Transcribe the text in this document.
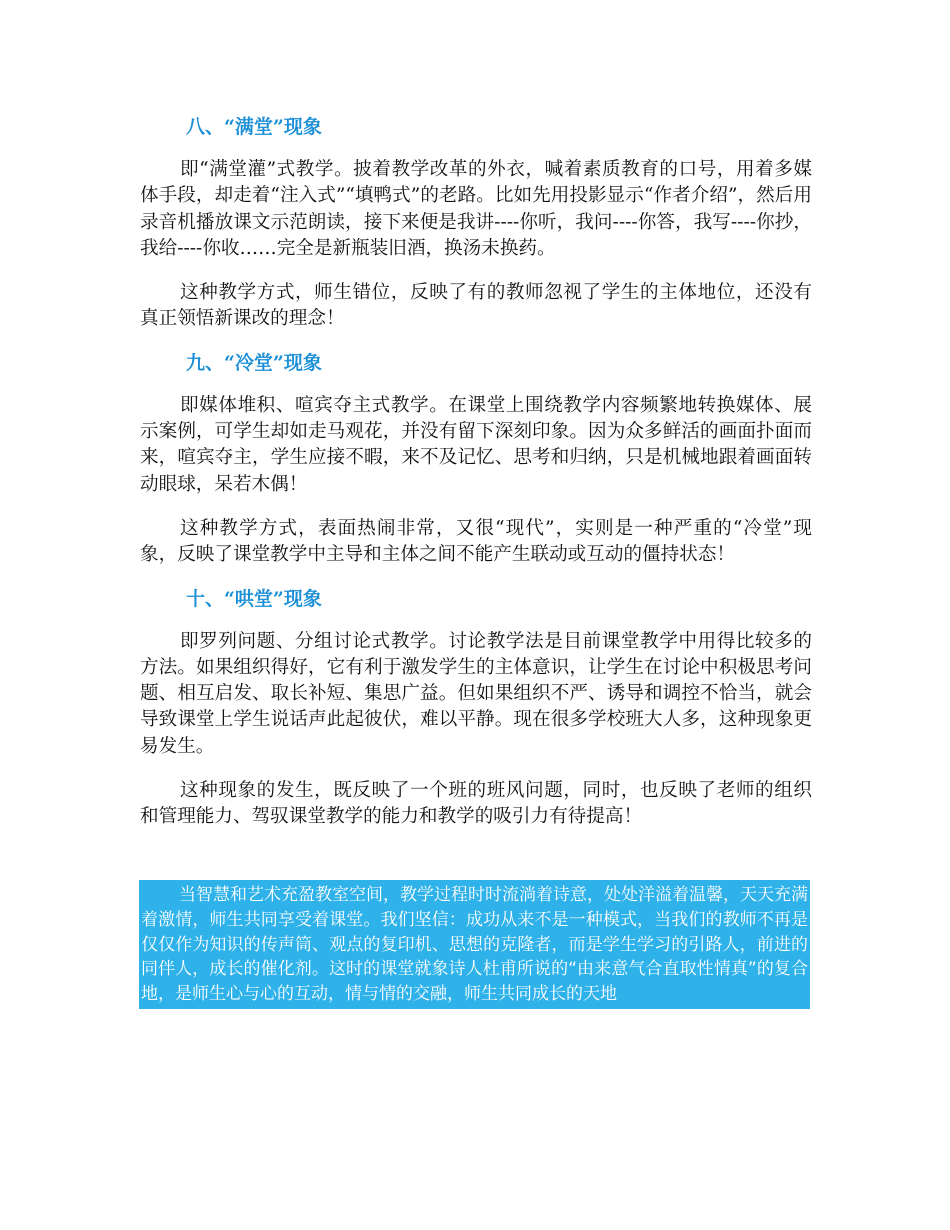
八、“满堂”现象

即“满堂灌”式教学。披着教学改革的外衣，喊着素质教育的口号，用着多媒体手段，却走着“注入式”“填鸭式”的老路。比如先用投影显示“作者介绍”，然后用录音机播放课文示范朗读，接下来便是我讲----你听，我问----你答，我写----你抄，我给----你收……完全是新瓶装旧酒，换汤未换药。

这种教学方式，师生错位，反映了有的教师忽视了学生的主体地位，还没有真正领悟新课改的理念！

九、“冷堂”现象

即媒体堆积、喧宾夺主式教学。在课堂上围绕教学内容频繁地转换媒体、展示案例，可学生却如走马观花，并没有留下深刻印象。因为众多鲜活的画面扑面而来，喧宾夺主，学生应接不暇，来不及记忆、思考和归纳，只是机械地跟着画面转动眼球，呆若木偶！

这种教学方式，表面热闹非常，又很“现代”，实则是一种严重的“冷堂”现象，反映了课堂教学中主导和主体之间不能产生联动或互动的僵持状态！

十、“哄堂”现象

即罗列问题、分组讨论式教学。讨论教学法是目前课堂教学中用得比较多的方法。如果组织得好，它有利于激发学生的主体意识，让学生在讨论中积极思考问题、相互启发、取长补短、集思广益。但如果组织不严、诱导和调控不恰当，就会导致课堂上学生说话声此起彼伏，难以平静。现在很多学校班大人多，这种现象更易发生。

这种现象的发生，既反映了一个班的班风问题，同时，也反映了老师的组织和管理能力、驾驭课堂教学的能力和教学的吸引力有待提高！

当智慧和艺术充盈教室空间，教学过程时时流淌着诗意，处处洋溢着温馨，天天充满着激情，师生共同享受着课堂。我们坚信：成功从来不是一种模式，当我们的教师不再是仅仅作为知识的传声筒、观点的复印机、思想的克隆者，而是学生学习的引路人，前进的同伴人，成长的催化剂。这时的课堂就象诗人杜甫所说的“由来意气合直取性情真”的复合地，是师生心与心的互动，情与情的交融，师生共同成长的天地
